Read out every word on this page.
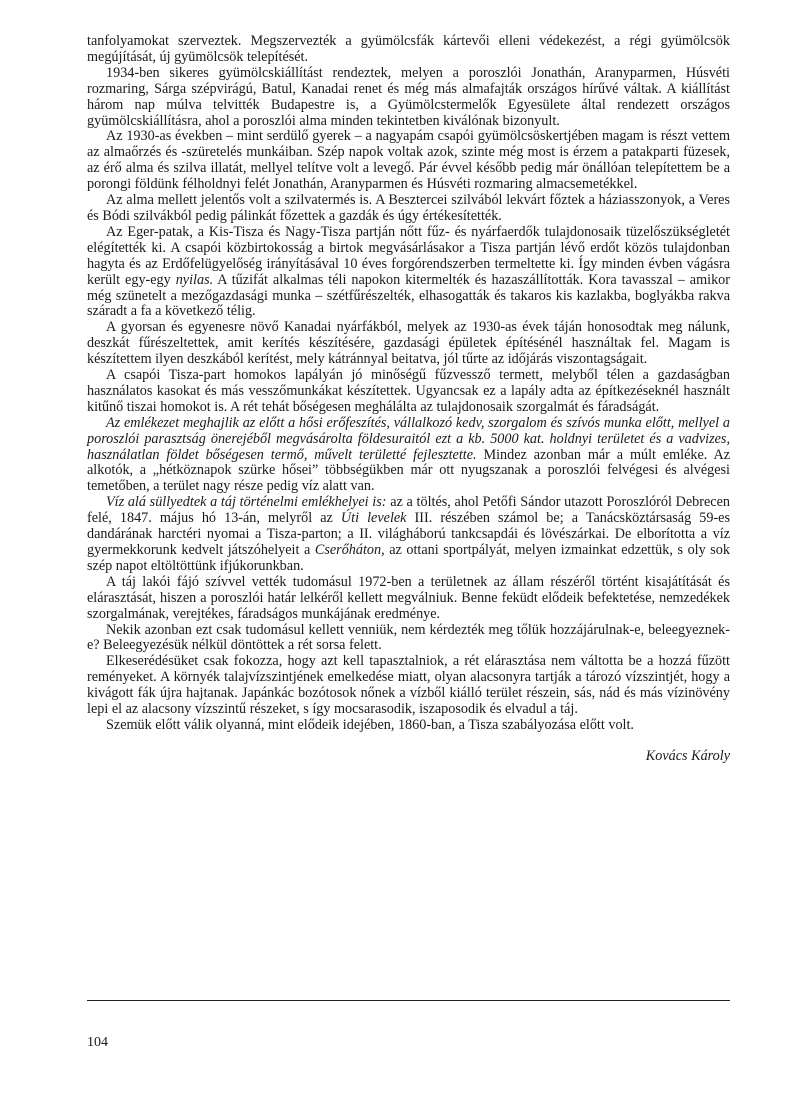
tanfolyamokat szerveztek. Megszervezték a gyümölcsfák kártevői elleni védekezést, a régi gyümölcsök megújítását, új gyümölcsök telepítését.

1934-ben sikeres gyümölcskiállítást rendeztek, melyen a poroszlói Jonathán, Aranyparmen, Húsvéti rozmaring, Sárga szépvirágú, Batul, Kanadai renet és még más almafajták országos hírűvé váltak. A kiállítást három nap múlva telvitték Budapestre is, a Gyümölcstermelők Egyesülete által rendezett országos gyümölcskiállításra, ahol a poroszlói alma minden tekintetben kiválónak bizonyult.

Az 1930-as években – mint serdülő gyerek – a nagyapám csapói gyümölcsöskertjében magam is részt vettem az almaőrzés és -szüretelés munkáiban. Szép napok voltak azok, szinte még most is érzem a patakparti füzesek, az érő alma és szilva illatát, mellyel telítve volt a levegő. Pár évvel később pedig már önállóan telepítettem be a porongi földünk félholdnyi felét Jonathán, Aranyparmen és Húsvéti rozmaring almacsemetékkel.

Az alma mellett jelentős volt a szilvatermés is. A Besztercei szilvából lekvárt főztek a háziasszonyok, a Veres és Bódi szilvákból pedig pálinkát főzettek a gazdák és úgy értékesítették.

Az Eger-patak, a Kis-Tisza és Nagy-Tisza partján nőtt fűz- és nyárfaerdők tulajdonosaik tüzelőszükségletét elégítették ki. A csapói közbirtokosság a birtok megvásárlásakor a Tisza partján lévő erdőt közös tulajdonban hagyta és az Erdőfelügyelőség irányításával 10 éves forgórendszerben termeltette ki. Így minden évben vágásra került egy-egy nyilas. A tűzifát alkalmas téli napokon kitermelték és hazaszállították. Kora tavasszal – amikor még szünetelt a mezőgazdasági munka – szétfűrészelték, elhasogatták és takaros kis kazlakba, boglyákba rakva száradt a fa a következő télig.

A gyorsan és egyenesre növő Kanadai nyárfákból, melyek az 1930-as évek táján honosodtak meg nálunk, deszkát fűrészeltettek, amit kerítés készítésére, gazdasági épületek építésénél használtak fel. Magam is készítettem ilyen deszkából kerítést, mely kátránnyal beitatva, jól tűrte az időjárás viszontagságait.

A csapói Tisza-part homokos lapályán jó minőségű fűzvessző termett, melyből télen a gazdaságban használatos kasokat és más vesszőmunkákat készítettek. Ugyancsak ez a lapály adta az építkezéseknél használt kitűnő tiszai homokot is. A rét tehát bőségesen meghálálta az tulajdonosaik szorgalmát és fáradságát.

Az emlékezet meghajlik az előtt a hősi erőfeszítés, vállalkozó kedv, szorgalom és szívós munka előtt, mellyel a poroszlói parasztság önerejéből megvásárolta földesuraitól ezt a kb. 5000 kat. holdnyi területet és a vadvizes, használatlan földet bőségesen termő, művelt területté fejlesztette. Mindez azonban már a múlt emléke. Az alkotók, a „hétköznapok szürke hősei” többségükben már ott nyugszanak a poroszlói felvégesi és alvégesi temetőben, a terület nagy része pedig víz alatt van.

Víz alá süllyedtek a táj történelmi emlékhelyei is: az a töltés, ahol Petőfi Sándor utazott Poroszlóról Debrecen felé, 1847. május hó 13-án, melyről az Úti levelek III. részében számol be; a Tanácsköztársaság 59-es dandárának harctéri nyomai a Tisza-parton; a II. világháború tankcsapdái és lövészárkai. De elborította a víz gyermekkorunk kedvelt játszóhelyeit a Cserőháton, az ottani sportpályát, melyen izmainkat edzettük, s oly sok szép napot eltöltöttünk ifjúkorunkban.

A táj lakói fájó szívvel vették tudomásul 1972-ben a területnek az állam részéről történt kisajátítását és elárasztását, hiszen a poroszlói határ lelkéről kellett megválniuk. Benne feküdt elődeik befektetése, nemzedékek szorgalmának, verejtékes, fáradságos munkájának eredménye.

Nekik azonban ezt csak tudomásul kellett venniük, nem kérdezték meg tőlük hozzájárulnak-e, beleegyeznek-e? Beleegyezésük nélkül döntöttek a rét sorsa felett.

Elkeserédésüket csak fokozza, hogy azt kell tapasztalniok, a rét elárasztása nem váltotta be a hozzá fűzött reményeket. A környék talajvízszintjének emelkedése miatt, olyan alacsonyra tartják a tározó vízszintjét, hogy a kivágott fák újra hajtanak. Japánkác bozótosok nőnek a vízből kiálló terület részein, sás, nád és más vízinövény lepi el az alacsony vízszintű részeket, s így mocsarasodik, iszaposodik és elvadul a táj.

Szemük előtt válik olyanná, mint elődeik idejében, 1860-ban, a Tisza szabályozása előtt volt.

Kovács Károly

104
